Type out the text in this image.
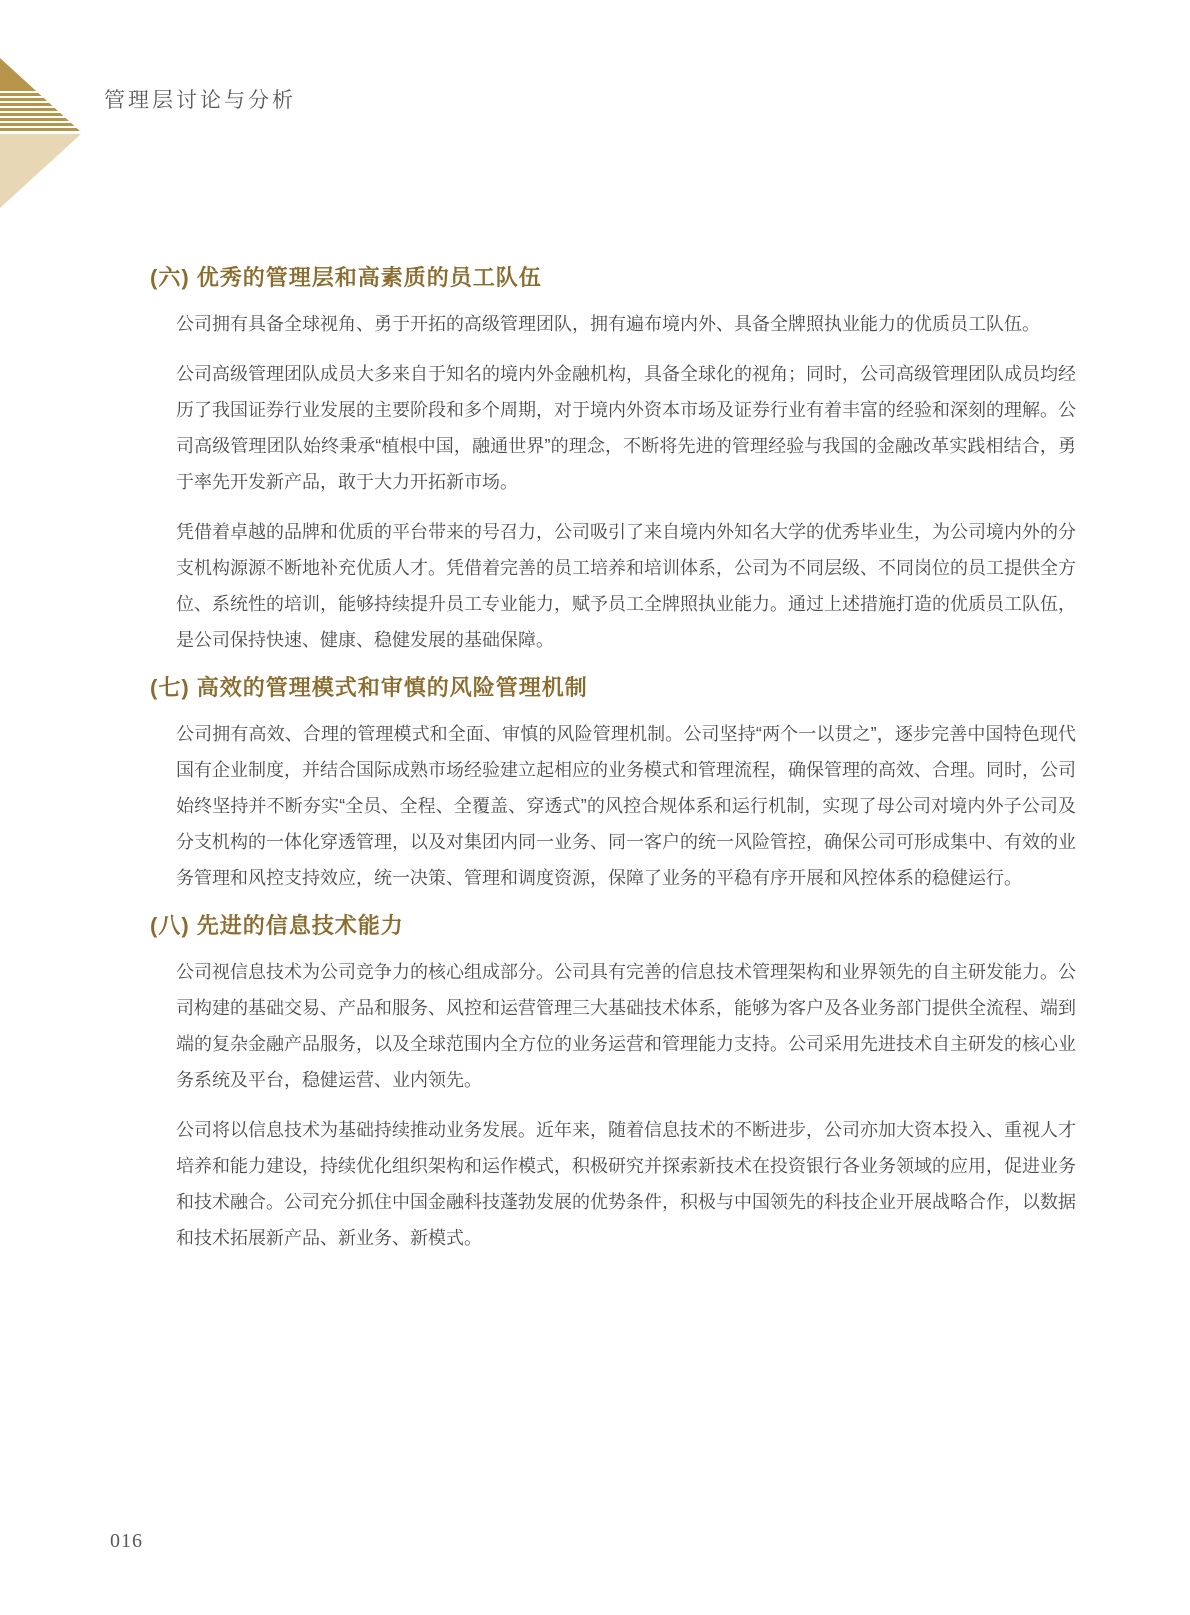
管理层讨论与分析
(六) 优秀的管理层和高素质的员工队伍

公司拥有具备全球视角、勇于开拓的高级管理团队，拥有遍布境内外、具备全牌照执业能力的优质员工队伍。

公司高级管理团队成员大多来自于知名的境内外金融机构，具备全球化的视角；同时，公司高级管理团队成员均经历了我国证券行业发展的主要阶段和多个周期，对于境内外资本市场及证券行业有着丰富的经验和深刻的理解。公司高级管理团队始终秉承“植根中国，融通世界”的理念，不断将先进的管理经验与我国的金融改革实践相结合，勇于率先开发新产品，敢于大力开拓新市场。

凭借着卓越的品牌和优质的平台带来的号召力，公司吸引了来自境内外知名大学的优秀毕业生，为公司境内外的分支机构源源不断地补充优质人才。凭借着完善的员工培养和培训体系，公司为不同层级、不同岗位的员工提供全方位、系统性的培训，能够持续提升员工专业能力，赋予员工全牌照执业能力。通过上述措施打造的优质员工队伍，是公司保持快速、健康、稳健发展的基础保障。

(七) 高效的管理模式和审慎的风险管理机制

公司拥有高效、合理的管理模式和全面、审慎的风险管理机制。公司坚持“两个一以贯之”，逐步完善中国特色现代国有企业制度，并结合国际成熟市场经验建立起相应的业务模式和管理流程，确保管理的高效、合理。同时，公司始终坚持并不断夯实“全员、全程、全覆盖、穿透式”的风控合规体系和运行机制，实现了母公司对境内外子公司及分支机构的一体化穿透管理，以及对集团内同一业务、同一客户的统一风险管控，确保公司可形成集中、有效的业务管理和风控支持效应，统一决策、管理和调度资源，保障了业务的平稳有序开展和风控体系的稳健运行。

(八) 先进的信息技术能力

公司视信息技术为公司竞争力的核心组成部分。公司具有完善的信息技术管理架构和业界领先的自主研发能力。公司构建的基础交易、产品和服务、风控和运营管理三大基础技术体系，能够为客户及各业务部门提供全流程、端到端的复杂金融产品服务，以及全球范围内全方位的业务运营和管理能力支持。公司采用先进技术自主研发的核心业务系统及平台，稳健运营、业内领先。

公司将以信息技术为基础持续推动业务发展。近年来，随着信息技术的不断进步，公司亦加大资本投入、重视人才培养和能力建设，持续优化组织架构和运作模式，积极研究并探索新技术在投资银行各业务领域的应用，促进业务和技术融合。公司充分抓住中国金融科技蓬勃发展的优势条件，积极与中国领先的科技企业开展战略合作，以数据和技术拓展新产品、新业务、新模式。

016
